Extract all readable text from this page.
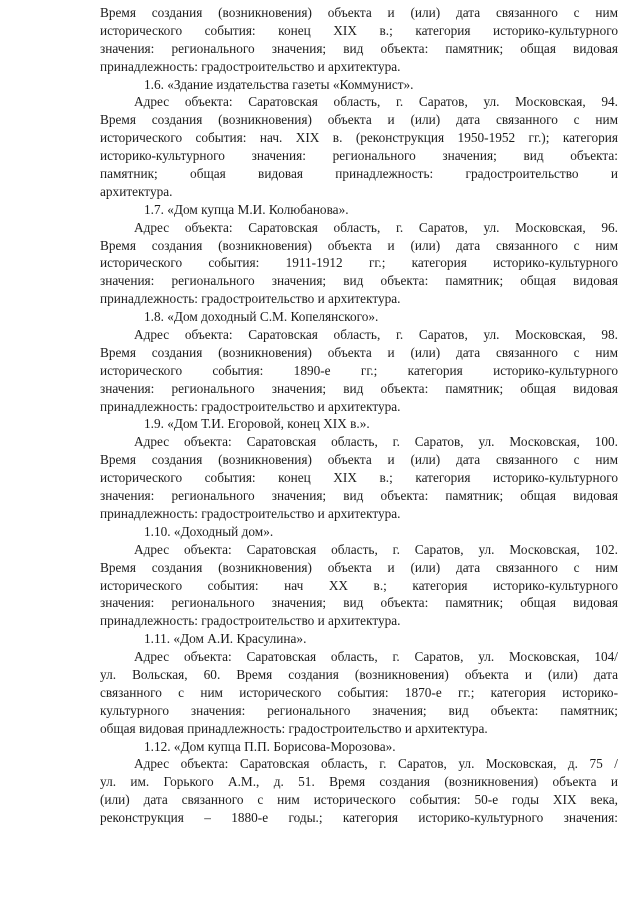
Время создания (возникновения) объекта и (или) дата связанного с ним
исторического события: конец XIX в.; категория историко-культурного
значения: регионального значения; вид объекта: памятник; общая видовая
принадлежность: градостроительство и архитектура.
1.6. «Здание издательства газеты «Коммунист».
Адрес объекта: Саратовская область, г. Саратов, ул. Московская, 94.
Время создания (возникновения) объекта и (или) дата связанного с ним
исторического события: нач. XIX в. (реконструкция 1950-1952 гг.); категория
историко-культурного значения: регионального значения; вид объекта:
памятник; общая видовая принадлежность: градостроительство и
архитектура.
1.7. «Дом купца М.И. Колюбанова».
Адрес объекта: Саратовская область, г. Саратов, ул. Московская, 96.
Время создания (возникновения) объекта и (или) дата связанного с ним
исторического события: 1911-1912 гг.; категория историко-культурного
значения: регионального значения; вид объекта: памятник; общая видовая
принадлежность: градостроительство и архитектура.
1.8. «Дом доходный С.М. Копелянского».
Адрес объекта: Саратовская область, г. Саратов, ул. Московская, 98.
Время создания (возникновения) объекта и (или) дата связанного с ним
исторического события: 1890-е гг.; категория историко-культурного
значения: регионального значения; вид объекта: памятник; общая видовая
принадлежность: градостроительство и архитектура.
1.9. «Дом Т.И. Егоровой, конец XIX в.».
Адрес объекта: Саратовская область, г. Саратов, ул. Московская, 100.
Время создания (возникновения) объекта и (или) дата связанного с ним
исторического события: конец XIX в.; категория историко-культурного
значения: регионального значения; вид объекта: памятник; общая видовая
принадлежность: градостроительство и архитектура.
1.10. «Доходный дом».
Адрес объекта: Саратовская область, г. Саратов, ул. Московская, 102.
Время создания (возникновения) объекта и (или) дата связанного с ним
исторического события: нач XX в.; категория историко-культурного
значения: регионального значения; вид объекта: памятник; общая видовая
принадлежность: градостроительство и архитектура.
1.11. «Дом А.И. Красулина».
Адрес объекта: Саратовская область, г. Саратов, ул. Московская, 104/
ул. Вольская, 60. Время создания (возникновения) объекта и (или) дата
связанного с ним исторического события: 1870-е гг.; категория историко-
культурного значения: регионального значения; вид объекта: памятник;
общая видовая принадлежность: градостроительство и архитектура.
1.12. «Дом купца П.П. Борисова-Морозова».
Адрес объекта: Саратовская область, г. Саратов, ул. Московская, д. 75 /
ул. им. Горького А.М., д. 51. Время создания (возникновения) объекта и
(или) дата связанного с ним исторического события: 50-е годы XIX века,
реконструкция – 1880-е годы.; категория историко-культурного значения:
